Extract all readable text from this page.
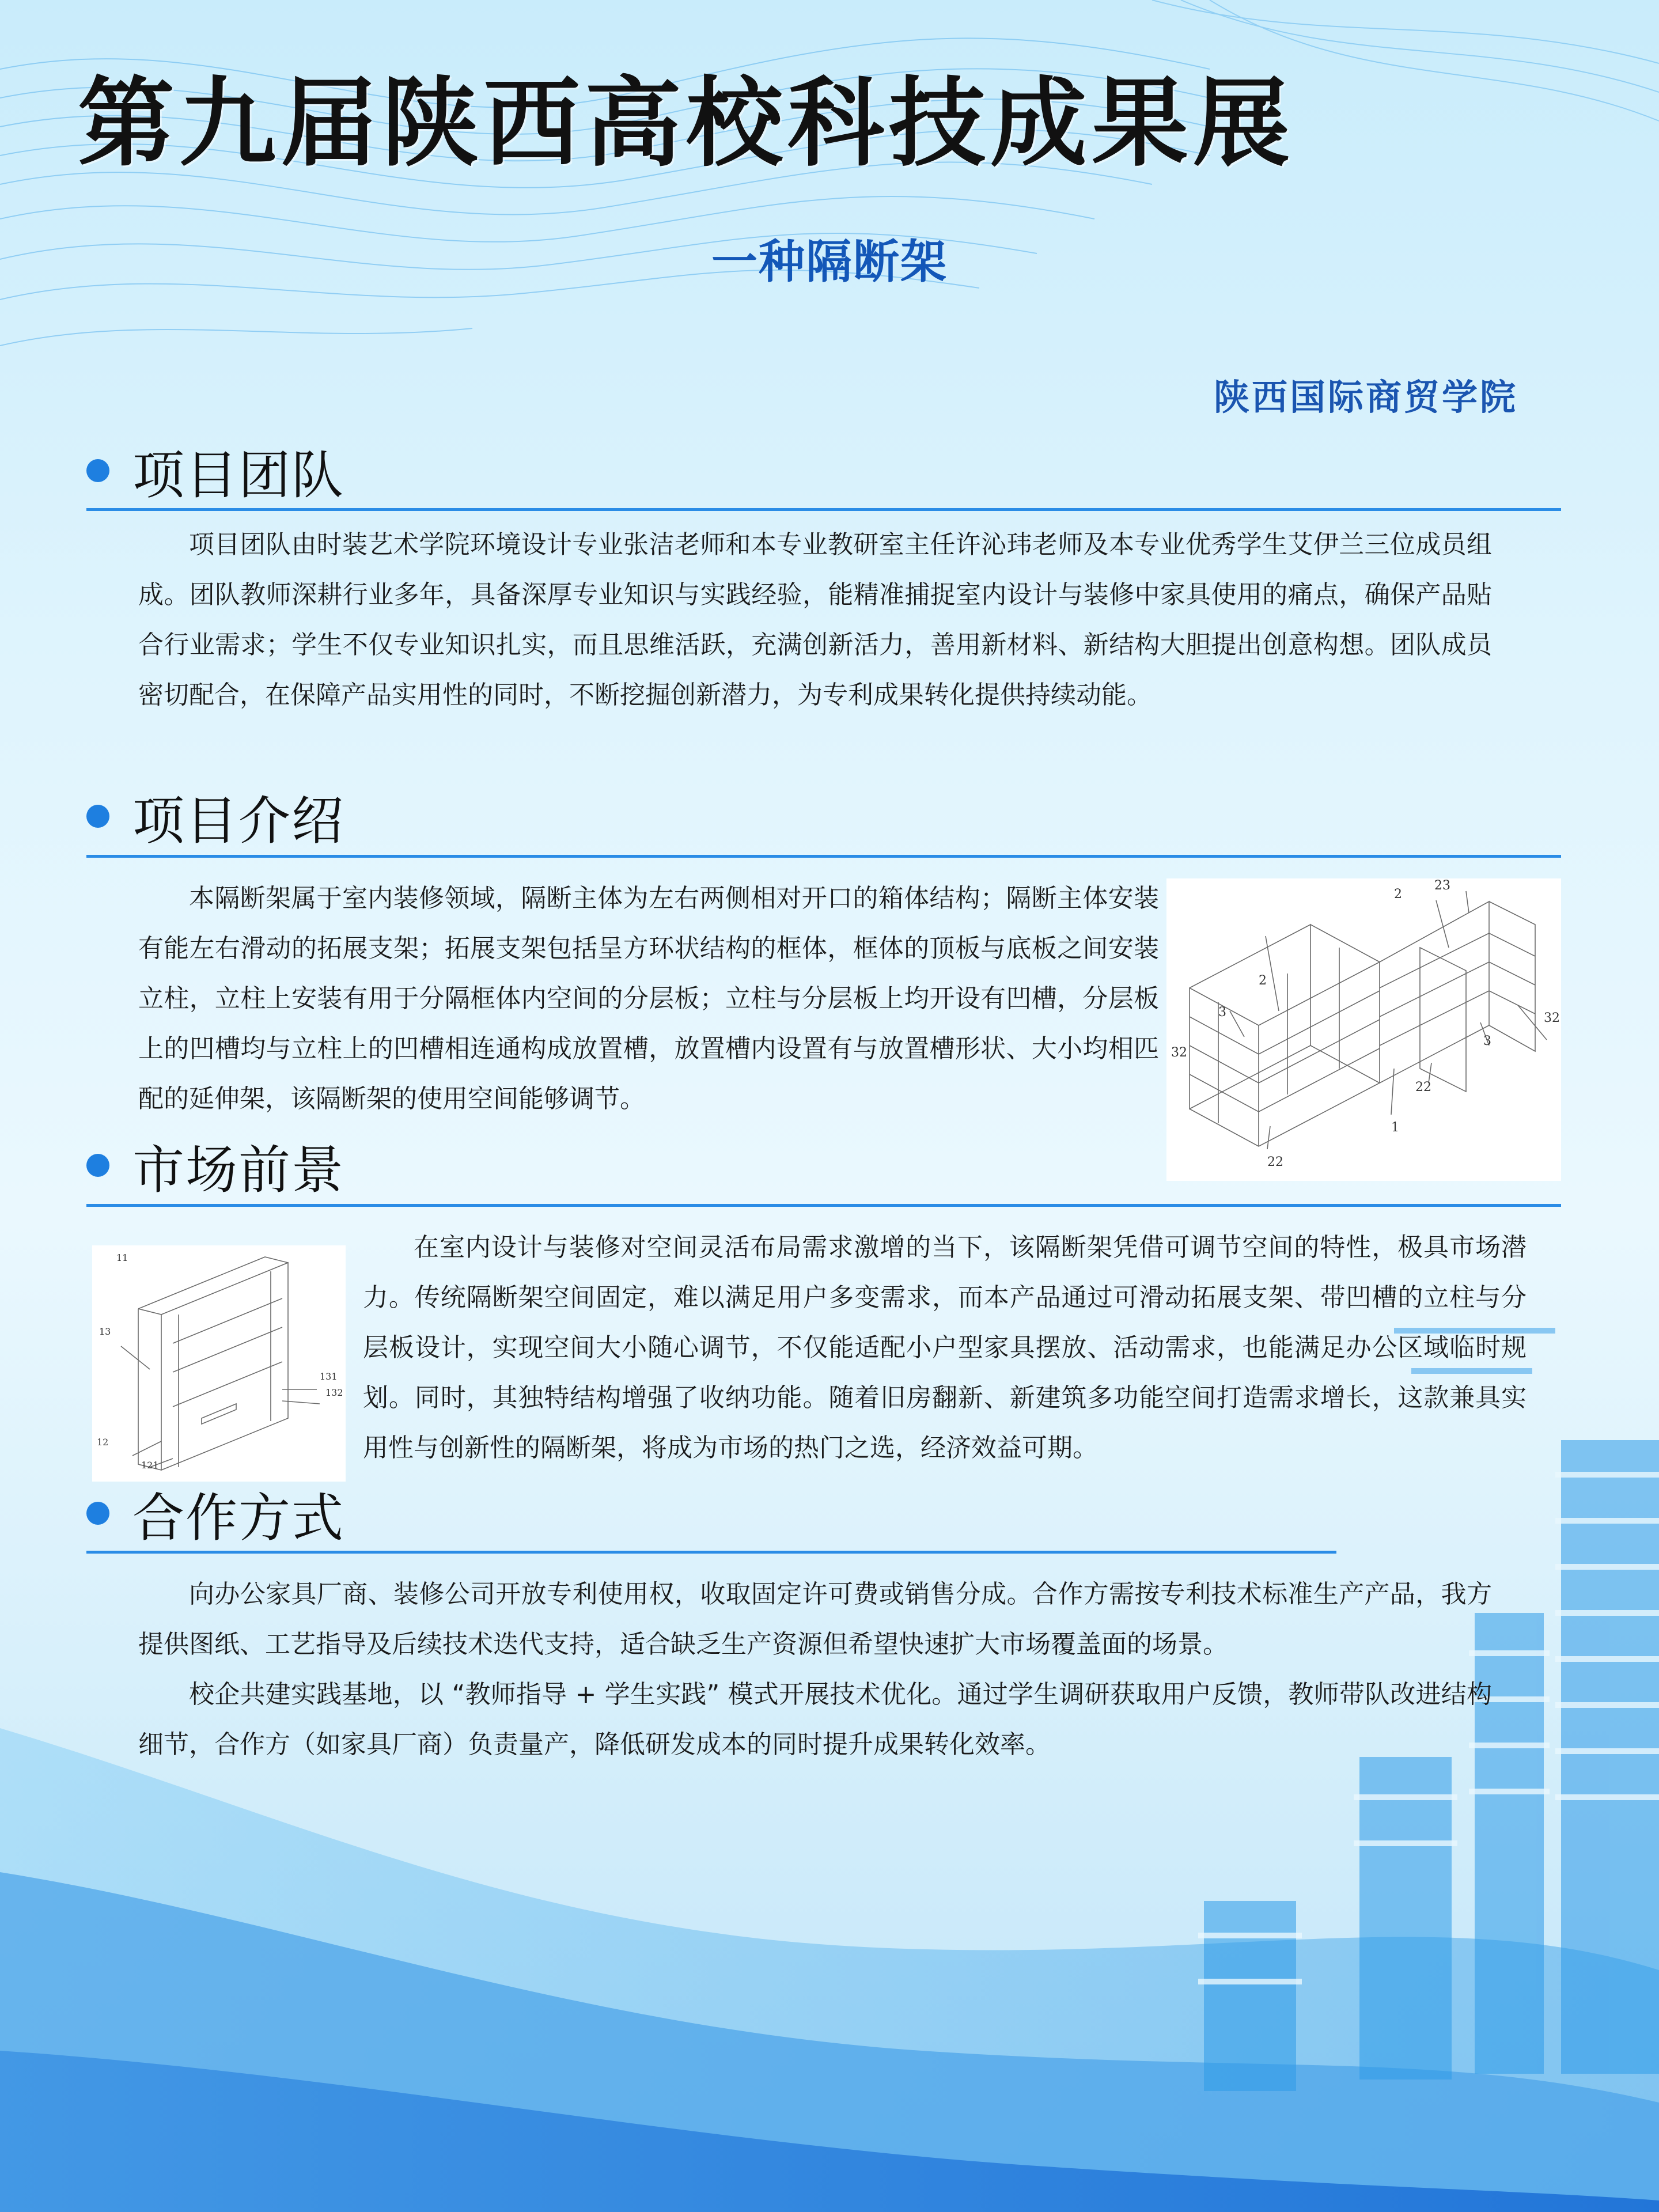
第九届陕西高校科技成果展
一种隔断架
陕西国际商贸学院
项目团队

项目团队由时装艺术学院环境设计专业张洁老师和本专业教研室主任许沁玮老师及本专业优秀学生艾伊兰三位成员组成。团队教师深耕行业多年，具备深厚专业知识与实践经验，能精准捕捉室内设计与装修中家具使用的痛点，确保产品贴合行业需求；学生不仅专业知识扎实，而且思维活跃，充满创新活力，善用新材料、新结构大胆提出创意构想。团队成员密切配合，在保障产品实用性的同时，不断挖掘创新潜力，为专利成果转化提供持续动能。

项目介绍

本隔断架属于室内装修领域，隔断主体为左右两侧相对开口的箱体结构；隔断主体安装有能左右滑动的拓展支架；拓展支架包括呈方环状结构的框体，框体的顶板与底板之间安装立柱，立柱上安装有用于分隔框体内空间的分层板；立柱与分层板上均开设有凹槽，分层板上的凹槽均与立柱上的凹槽相连通构成放置槽，放置槽内设置有与放置槽形状、大小均相匹配的延伸架，该隔断架的使用空间能够调节。

2
23
2
3
32
3
32
22
1
22
市场前景
11
13
131
132
12
121

在室内设计与装修对空间灵活布局需求激增的当下，该隔断架凭借可调节空间的特性，极具市场潜力。传统隔断架空间固定，难以满足用户多变需求，而本产品通过可滑动拓展支架、带凹槽的立柱与分层板设计，实现空间大小随心调节，不仅能适配小户型家具摆放、活动需求，也能满足办公区域临时规划。同时，其独特结构增强了收纳功能。随着旧房翻新、新建筑多功能空间打造需求增长，这款兼具实用性与创新性的隔断架，将成为市场的热门之选，经济效益可期。

合作方式

向办公家具厂商、装修公司开放专利使用权，收取固定许可费或销售分成。合作方需按专利技术标准生产产品，我方提供图纸、工艺指导及后续技术迭代支持，适合缺乏生产资源但希望快速扩大市场覆盖面的场景。

校企共建实践基地，以 “教师指导 + 学生实践” 模式开展技术优化。通过学生调研获取用户反馈，教师带队改进结构细节，合作方（如家具厂商）负责量产，降低研发成本的同时提升成果转化效率。
